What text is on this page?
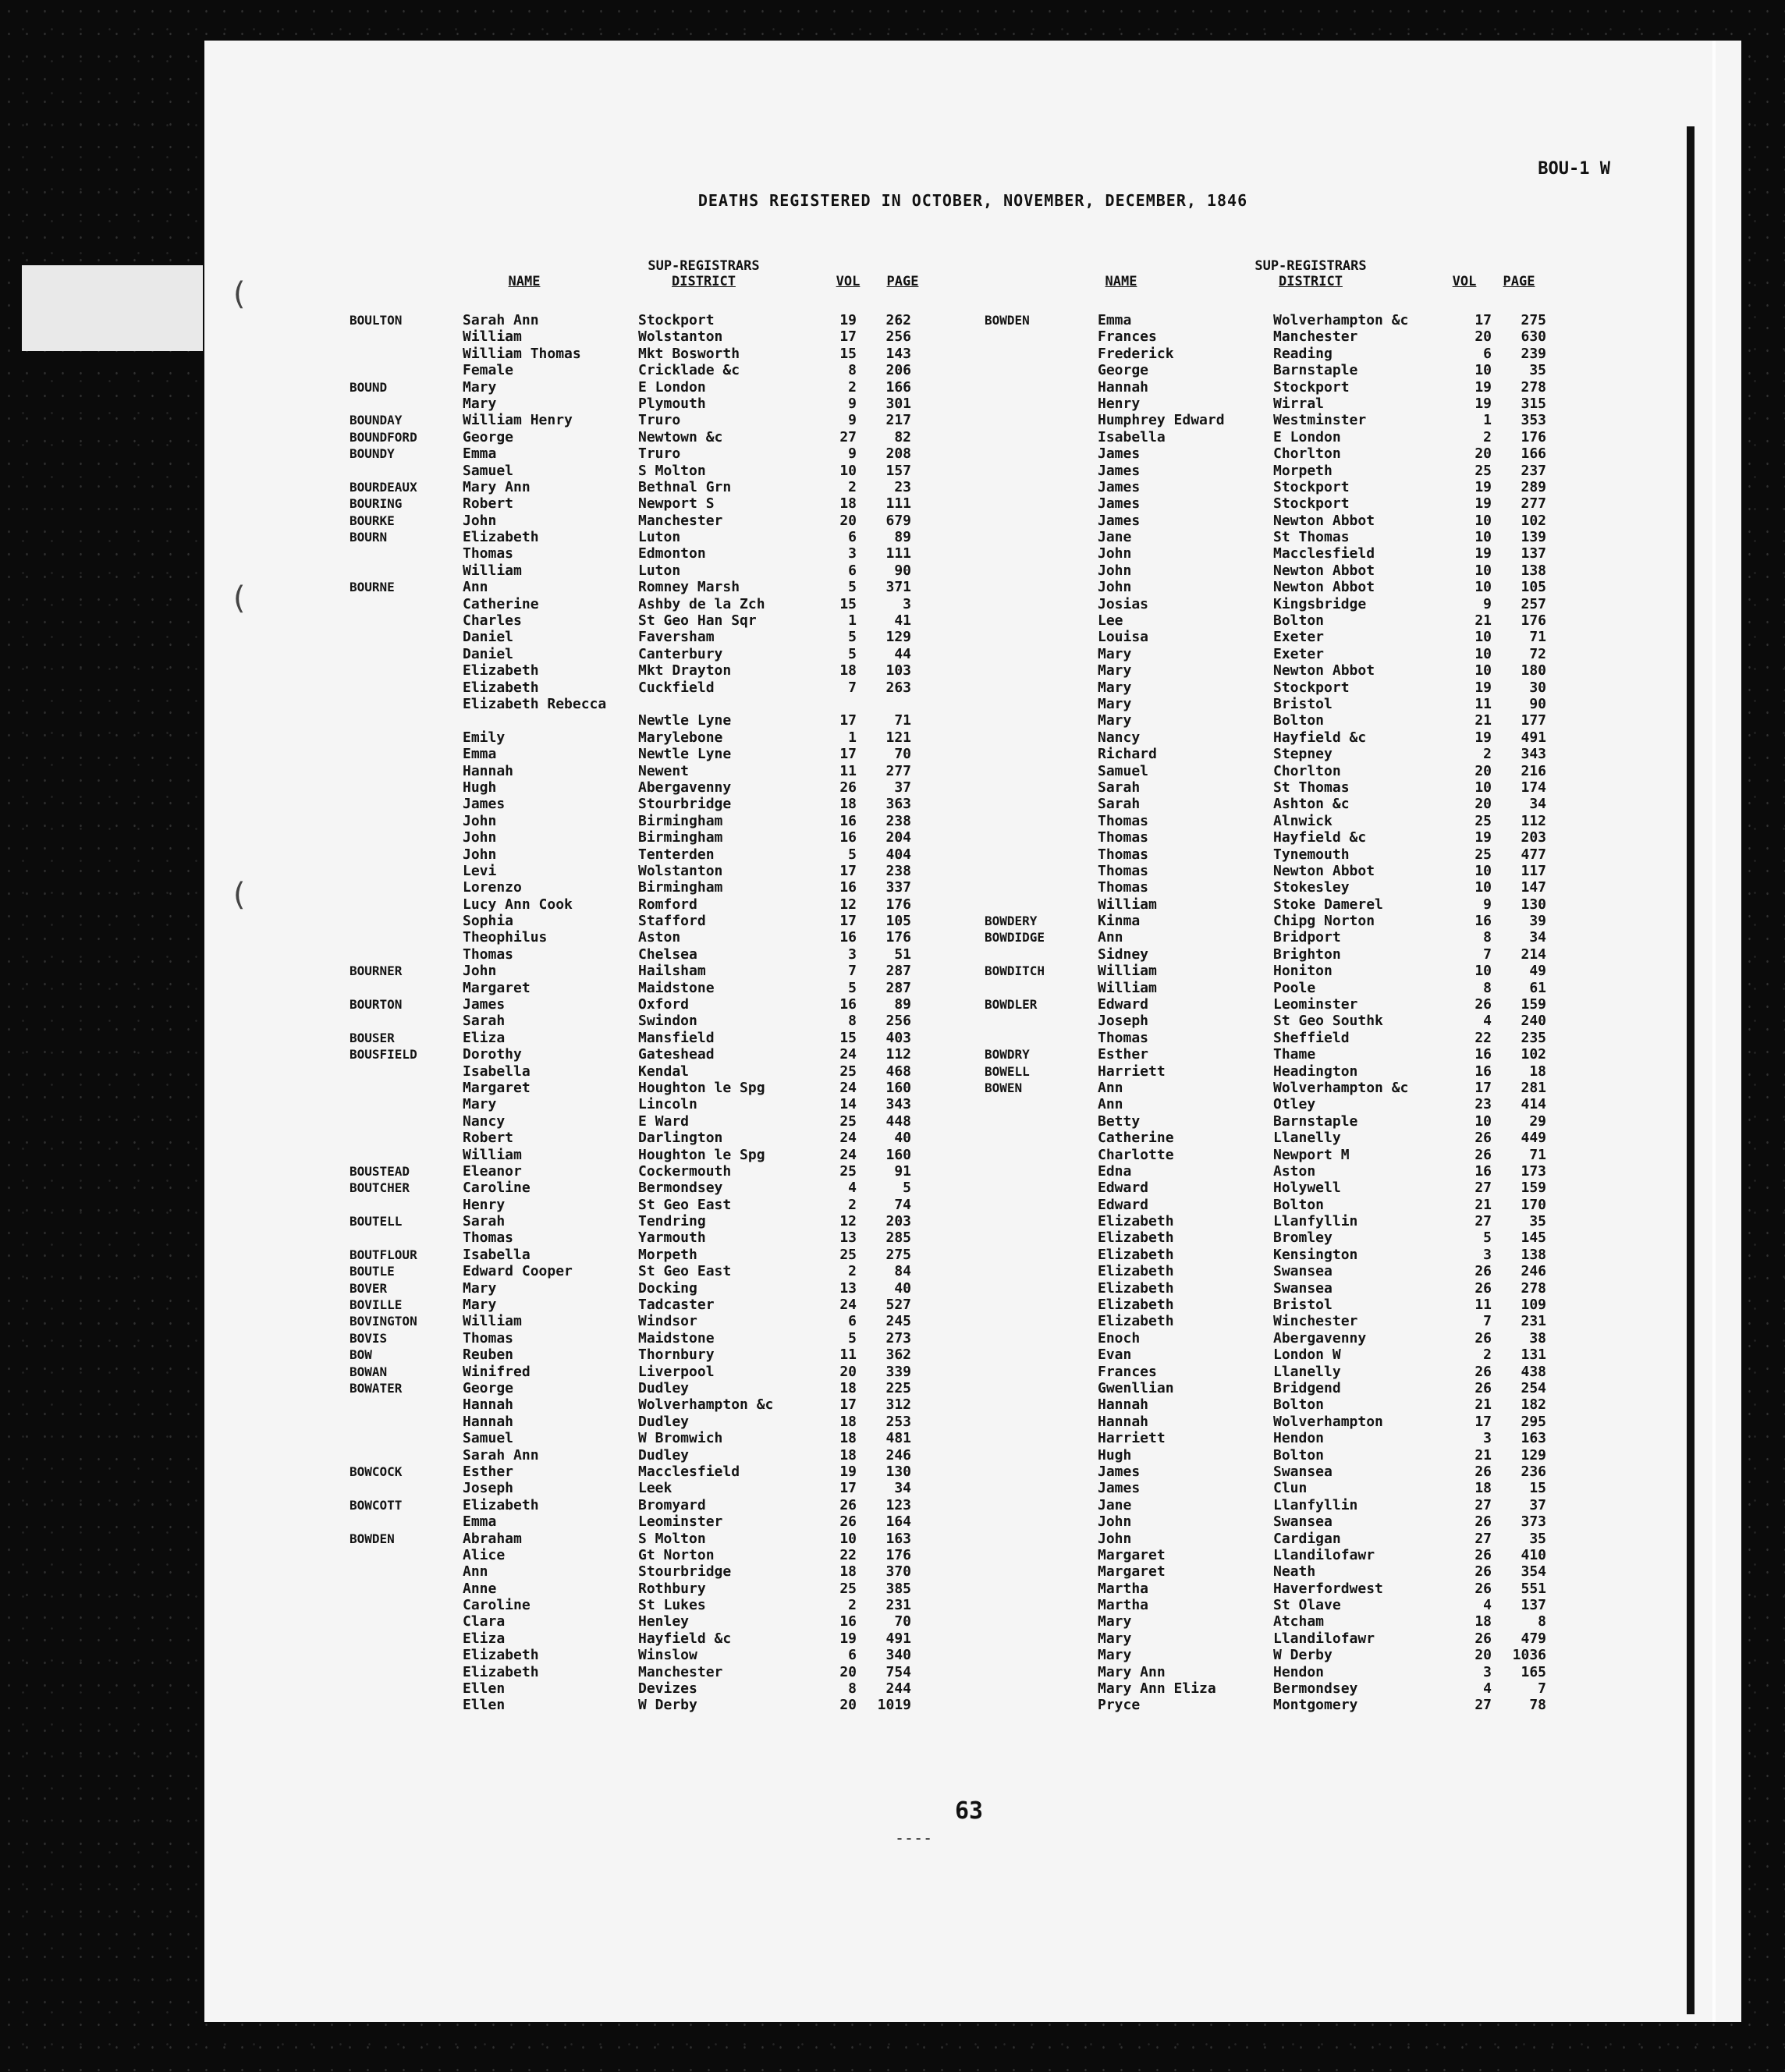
(
(
(
BOU-1 W
DEATHS REGISTERED IN OCTOBER, NOVEMBER, DECEMBER, 1846
NAME
SUP-REGISTRARS
DISTRICT	VOL	PAGE	NAME
SUP-REGISTRARS
DISTRICT	VOL	PAGE
BOULTON	Sarah Ann	Stockport	19	262
William	Wolstanton	17	256
William Thomas	Mkt Bosworth	15	143
Female	Cricklade &c	8	206
BOUND	Mary	E London	2	166
Mary	Plymouth	9	301
BOUNDAY	William Henry	Truro	9	217
BOUNDFORD	George	Newtown &c	27	82
BOUNDY	Emma	Truro	9	208
Samuel	S Molton	10	157
BOURDEAUX	Mary Ann	Bethnal Grn	2	23
BOURING	Robert	Newport S	18	111
BOURKE	John	Manchester	20	679
BOURN	Elizabeth	Luton	6	89
Thomas	Edmonton	3	111
William	Luton	6	90
BOURNE	Ann	Romney Marsh	5	371
Catherine	Ashby de la Zch	15	3
Charles	St Geo Han Sqr	1	41
Daniel	Faversham	5	129
Daniel	Canterbury	5	44
Elizabeth	Mkt Drayton	18	103
Elizabeth	Cuckfield	7	263
Elizabeth Rebecca
Newtle Lyne	17	71
Emily	Marylebone	1	121
Emma	Newtle Lyne	17	70
Hannah	Newent	11	277
Hugh	Abergavenny	26	37
James	Stourbridge	18	363
John	Birmingham	16	238
John	Birmingham	16	204
John	Tenterden	5	404
Levi	Wolstanton	17	238
Lorenzo	Birmingham	16	337
Lucy Ann Cook	Romford	12	176
Sophia	Stafford	17	105
Theophilus	Aston	16	176
Thomas	Chelsea	3	51
BOURNER	John	Hailsham	7	287
Margaret	Maidstone	5	287
BOURTON	James	Oxford	16	89
Sarah	Swindon	8	256
BOUSER	Eliza	Mansfield	15	403
BOUSFIELD	Dorothy	Gateshead	24	112
Isabella	Kendal	25	468
Margaret	Houghton le Spg	24	160
Mary	Lincoln	14	343
Nancy	E Ward	25	448
Robert	Darlington	24	40
William	Houghton le Spg	24	160
BOUSTEAD	Eleanor	Cockermouth	25	91
BOUTCHER	Caroline	Bermondsey	4	5
Henry	St Geo East	2	74
BOUTELL	Sarah	Tendring	12	203
Thomas	Yarmouth	13	285
BOUTFLOUR	Isabella	Morpeth	25	275
BOUTLE	Edward Cooper	St Geo East	2	84
BOVER	Mary	Docking	13	40
BOVILLE	Mary	Tadcaster	24	527
BOVINGTON	William	Windsor	6	245
BOVIS	Thomas	Maidstone	5	273
BOW	Reuben	Thornbury	11	362
BOWAN	Winifred	Liverpool	20	339
BOWATER	George	Dudley	18	225
Hannah	Wolverhampton &c	17	312
Hannah	Dudley	18	253
Samuel	W Bromwich	18	481
Sarah Ann	Dudley	18	246
BOWCOCK	Esther	Macclesfield	19	130
Joseph	Leek	17	34
BOWCOTT	Elizabeth	Bromyard	26	123
Emma	Leominster	26	164
BOWDEN	Abraham	S Molton	10	163
Alice	Gt Norton	22	176
Ann	Stourbridge	18	370
Anne	Rothbury	25	385
Caroline	St Lukes	2	231
Clara	Henley	16	70
Eliza	Hayfield &c	19	491
Elizabeth	Winslow	6	340
Elizabeth	Manchester	20	754
Ellen	Devizes	8	244
Ellen	W Derby	20	1019
BOWDEN	Emma	Wolverhampton &c	17	275
Frances	Manchester	20	630
Frederick	Reading	6	239
George	Barnstaple	10	35
Hannah	Stockport	19	278
Henry	Wirral	19	315
Humphrey Edward	Westminster	1	353
Isabella	E London	2	176
James	Chorlton	20	166
James	Morpeth	25	237
James	Stockport	19	289
James	Stockport	19	277
James	Newton Abbot	10	102
Jane	St Thomas	10	139
John	Macclesfield	19	137
John	Newton Abbot	10	138
John	Newton Abbot	10	105
Josias	Kingsbridge	9	257
Lee	Bolton	21	176
Louisa	Exeter	10	71
Mary	Exeter	10	72
Mary	Newton Abbot	10	180
Mary	Stockport	19	30
Mary	Bristol	11	90
Mary	Bolton	21	177
Nancy	Hayfield &c	19	491
Richard	Stepney	2	343
Samuel	Chorlton	20	216
Sarah	St Thomas	10	174
Sarah	Ashton &c	20	34
Thomas	Alnwick	25	112
Thomas	Hayfield &c	19	203
Thomas	Tynemouth	25	477
Thomas	Newton Abbot	10	117
Thomas	Stokesley	10	147
William	Stoke Damerel	9	130
BOWDERY	Kinma	Chipg Norton	16	39
BOWDIDGE	Ann	Bridport	8	34
Sidney	Brighton	7	214
BOWDITCH	William	Honiton	10	49
William	Poole	8	61
BOWDLER	Edward	Leominster	26	159
Joseph	St Geo Southk	4	240
Thomas	Sheffield	22	235
BOWDRY	Esther	Thame	16	102
BOWELL	Harriett	Headington	16	18
BOWEN	Ann	Wolverhampton &c	17	281
Ann	Otley	23	414
Betty	Barnstaple	10	29
Catherine	Llanelly	26	449
Charlotte	Newport M	26	71
Edna	Aston	16	173
Edward	Holywell	27	159
Edward	Bolton	21	170
Elizabeth	Llanfyllin	27	35
Elizabeth	Bromley	5	145
Elizabeth	Kensington	3	138
Elizabeth	Swansea	26	246
Elizabeth	Swansea	26	278
Elizabeth	Bristol	11	109
Elizabeth	Winchester	7	231
Enoch	Abergavenny	26	38
Evan	London W	2	131
Frances	Llanelly	26	438
Gwenllian	Bridgend	26	254
Hannah	Bolton	21	182
Hannah	Wolverhampton	17	295
Harriett	Hendon	3	163
Hugh	Bolton	21	129
James	Swansea	26	236
James	Clun	18	15
Jane	Llanfyllin	27	37
John	Swansea	26	373
John	Cardigan	27	35
Margaret	Llandilofawr	26	410
Margaret	Neath	26	354
Martha	Haverfordwest	26	551
Martha	St Olave	4	137
Mary	Atcham	18	8
Mary	Llandilofawr	26	479
Mary	W Derby	20	1036
Mary Ann	Hendon	3	165
Mary Ann Eliza	Bermondsey	4	7
Pryce	Montgomery	27	78
----
63
